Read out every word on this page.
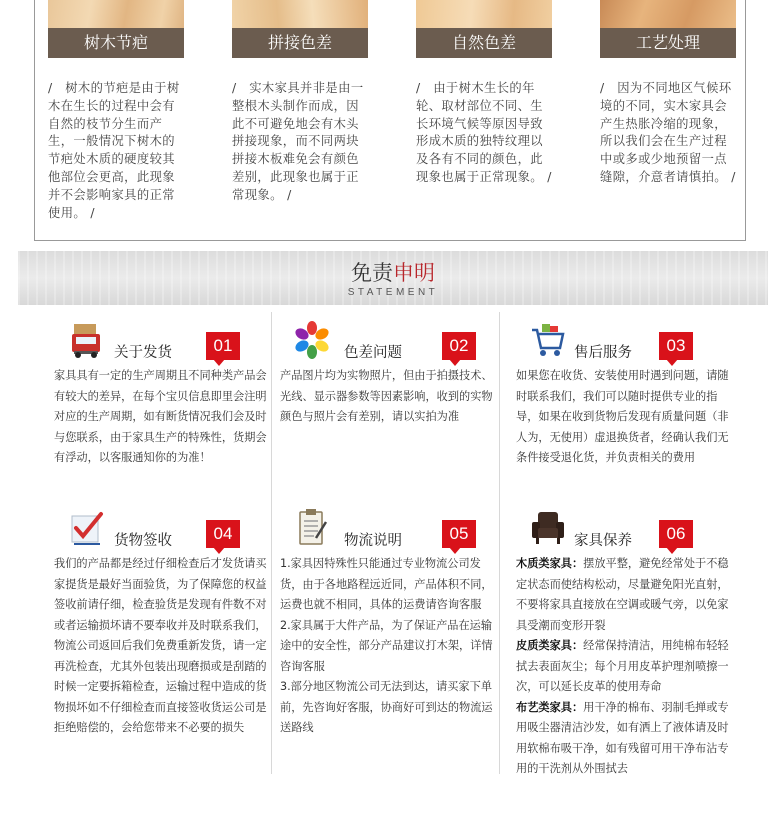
树木节疤
/　树木的节疤是由于树木在生长的过程中会有自然的枝节分生而产生，一般情况下树木的节疤处木质的硬度较其他部位会更高，此现象并不会影响家具的正常使用。 /
拼接色差
/　实木家具并非是由一整根木头制作而成，因此不可避免地会有木头拼接现象，而不同两块拼接木板难免会有颜色差别，此现象也属于正常现象。 /
自然色差
/　由于树木生长的年轮、取材部位不同、生长环境气候等原因导致形成木质的独特纹理以及各有不同的颜色，此现象也属于正常现象。 /
工艺处理
/　因为不同地区气候环境的不同，实木家具会产生热胀冷缩的现象，所以我们会在生产过程中或多或少地预留一点缝隙，介意者请慎拍。 /
免责申明
STATEMENT
关于发货	01

家具具有一定的生产周期且不同种类产品会有较大的差异，在每个宝贝信息即里会注明对应的生产周期，如有断货情况我们会及时与您联系，由于家具生产的特殊性，货期会有浮动，以客服通知你的为准！

色差问题	02

产品图片均为实物照片，但由于拍摄技术、光线、显示器参数等因素影响，收到的实物颜色与照片会有差别，请以实拍为准

售后服务	03

如果您在收货、安装使用时遇到问题，请随时联系我们，我们可以随时提供专业的指导，如果在收到货物后发现有质量问题（非人为，无使用）虚退换货者，经确认我们无条件接受退化货，并负责相关的费用

货物签收	04

我们的产品都是经过仔细检查后才发货请买家提货是最好当面验货，为了保障您的权益签收前请仔细，检查验货是发现有件数不对或者运输损坏请不要奉收并及时联系我们，物流公司返回后我们免费重新发货，请一定再洗检查，尤其外包装出现磨损或是刮踏的时候一定要拆箱检查，运输过程中造成的货物损坏如不仔细检查而直接签收货运公司是拒绝赔偿的，会给您带来不必要的损失

物流说明	05

1.家具因特殊性只能通过专业物流公司发货，由于各地路程远近同，产品体积不同，运费也就不相同，具体的运费请咨询客服

2.家具属于大件产品，为了保证产品在运输途中的安全性，部分产品建议打木架，详情咨询客服

3.部分地区物流公司无法到达，请买家下单前，先咨询好客服，协商好可到达的物流运送路线

家具保养	06

木质类家具：摆放平整，避免经常处于不稳定状态而使结构松动，尽量避免阳光直射，不要将家具直接放在空调或暖气旁，以免家具受潮而变形开裂

皮质类家具：经常保持清洁，用纯棉布轻轻拭去表面灰尘；每个月用皮革护理剂喷擦一次，可以延长皮革的使用寿命

布艺类家具：用干净的棉布、羽制毛掸或专用吸尘器清洁沙发，如有洒上了液体请及时用软棉布吸干净，如有残留可用干净布沾专用的干洗剂从外围拭去
